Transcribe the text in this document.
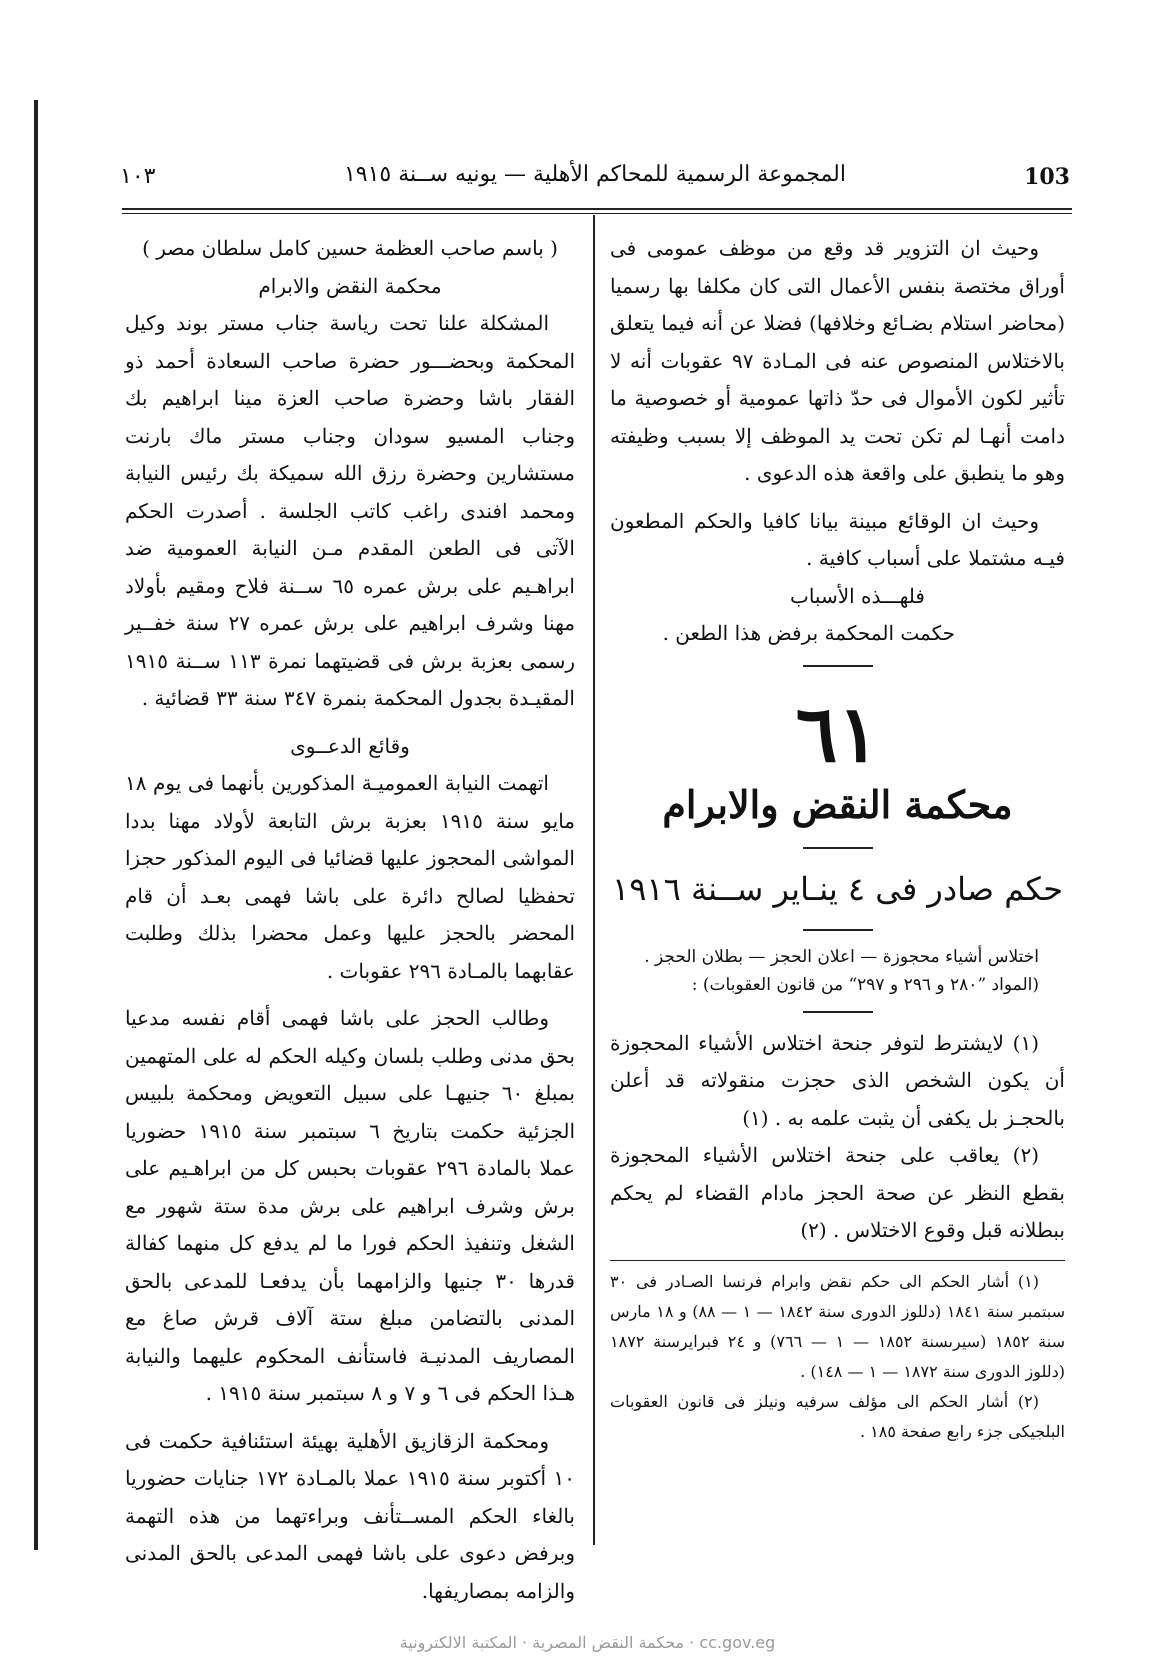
103
المجموعة الرسمية للمحاكم الأهلية — يونيه ســنة ١٩١٥
١٠٣

وحيث ان التزوير قد وقع من موظف عمومى فى أوراق مختصة بنفس الأعمال التى كان مكلفا بها رسميا (محاضر استلام بضـائع وخلافها) فضلا عن أنه فيما يتعلق بالاختلاس المنصوص عنه فى المـادة ٩٧ عقوبات أنه لا تأثير لكون الأموال فى حدّ ذاتها عمومية أو خصوصية ما دامت أنهـا لم تكن تحت يد الموظف إلا بسبب وظيفته وهو ما ينطبق على واقعة هذه الدعوى .

وحيث ان الوقائع مبينة بيانا كافيا والحكم المطعون فيـه مشتملا على أسباب كافية .

فلهـــذه الأسباب

حكمت المحكمة برفض هذا الطعن .

٦١
محكمة النقض والابرام
حكم صادر فى ٤ ينـاير ســنة ١٩١٦

اختلاس أشياء محجوزة — اعلان الحجز — بطلان الحجز .

(المواد ”٢٨٠ و ٢٩٦ و ٢٩٧“ من قانون العقوبات) :

(١) لايشترط لتوفر جنحة اختلاس الأشياء المحجوزة أن يكون الشخص الذى حجزت منقولاته قد أعلن بالحجـز بل يكفى أن يثبت علمه به . (١)

(٢) يعاقب على جنحة اختلاس الأشياء المحجوزة بقطع النظر عن صحة الحجز مادام القضاء لم يحكم ببطلانه قبل وقوع الاختلاس . (٢)

(١) أشار الحكم الى حكم نقض وابرام فرنسا الصـادر فى ٣٠ سبتمبر سنة ١٨٤١ (دللوز الدورى سنة ١٨٤٢ — ١ — ٨٨) و ١٨ مارس سنة ١٨٥٢ (سيرىسنة ١٨٥٢ — ١ — ٧٦٦) و ٢٤ فبرايرسنة ١٨٧٢ (دللوز الدورى سنة ١٨٧٢ — ١ — ١٤٨) .

(٢) أشار الحكم الى مؤلف سرفيه ونيلز فى قانون العقوبات البلجيكى جزء رابع صفحة ١٨٥ .

( باسم صاحب العظمة حسين كامل سلطان مصر )

محكمة النقض والابرام

المشكلة علنا تحت رياسة جناب مستر بوند وكيل المحكمة وبحضـــور حضرة صاحب السعادة أحمد ذو الفقار باشا وحضرة صاحب العزة مينا ابراهيم بك وجناب المسيو سودان وجناب مستر ماك بارنت مستشارين وحضرة رزق الله سميكة بك رئيس النيابة ومحمد افندى راغب كاتب الجلسة . أصدرت الحكم الآتى فى الطعن المقدم مـن النيابة العمومية ضد ابراهـيم على برش عمره ٦٥ ســنة فلاح ومقيم بأولاد مهنا وشرف ابراهيم على برش عمره ٢٧ سنة خفــير رسمى بعزبة برش فى قضيتهما نمرة ١١٣ ســنة ١٩١٥ المقيـدة بجدول المحكمة بنمرة ٣٤٧ سنة ٣٣ قضائية .

وقائع الدعــوى

اتهمت النيابة العموميـة المذكورين بأنهما فى يوم ١٨ مايو سنة ١٩١٥ بعزبة برش التابعة لأولاد مهنا بددا المواشى المحجوز عليها قضائيا فى اليوم المذكور حجزا تحفظيا لصالح دائرة على باشا فهمى بعـد أن قام المحضر بالحجز عليها وعمل محضرا بذلك وطلبت عقابهما بالمـادة ٢٩٦ عقوبات .

وطالب الحجز على باشا فهمى أقام نفسه مدعيا بحق مدنى وطلب بلسان وكيله الحكم له على المتهمين بمبلغ ٦٠ جنيهـا على سبيل التعويض ومحكمة بلبيس الجزئية حكمت بتاريخ ٦ سبتمبر سنة ١٩١٥ حضوريا عملا بالمادة ٢٩٦ عقوبات بحبس كل من ابراهـيم على برش وشرف ابراهيم على برش مدة ستة شهور مع الشغل وتنفيذ الحكم فورا ما لم يدفع كل منهما كفالة قدرها ٣٠ جنيها والزامهما بأن يدفعـا للمدعى بالحق المدنى بالتضامن مبلغ ستة آلاف قرش صاغ مع المصاريف المدنيـة فاستأنف المحكوم عليهما والنيابة هـذا الحكم فى ٦ و ٧ و ٨ سبتمبر سنة ١٩١٥ .

ومحكمة الزقازيق الأهلية بهيئة استئنافية حكمت فى ١٠ أكتوبر سنة ١٩١٥ عملا بالمـادة ١٧٢ جنايات حضوريا بالغاء الحكم المســتأنف وبراءتهما من هذه التهمة وبرفض دعوى على باشا فهمى المدعى بالحق المدنى والزامه بمصاريفها.

محكمة النقض المصرية · المكتبة الالكترونية · cc.gov.eg
